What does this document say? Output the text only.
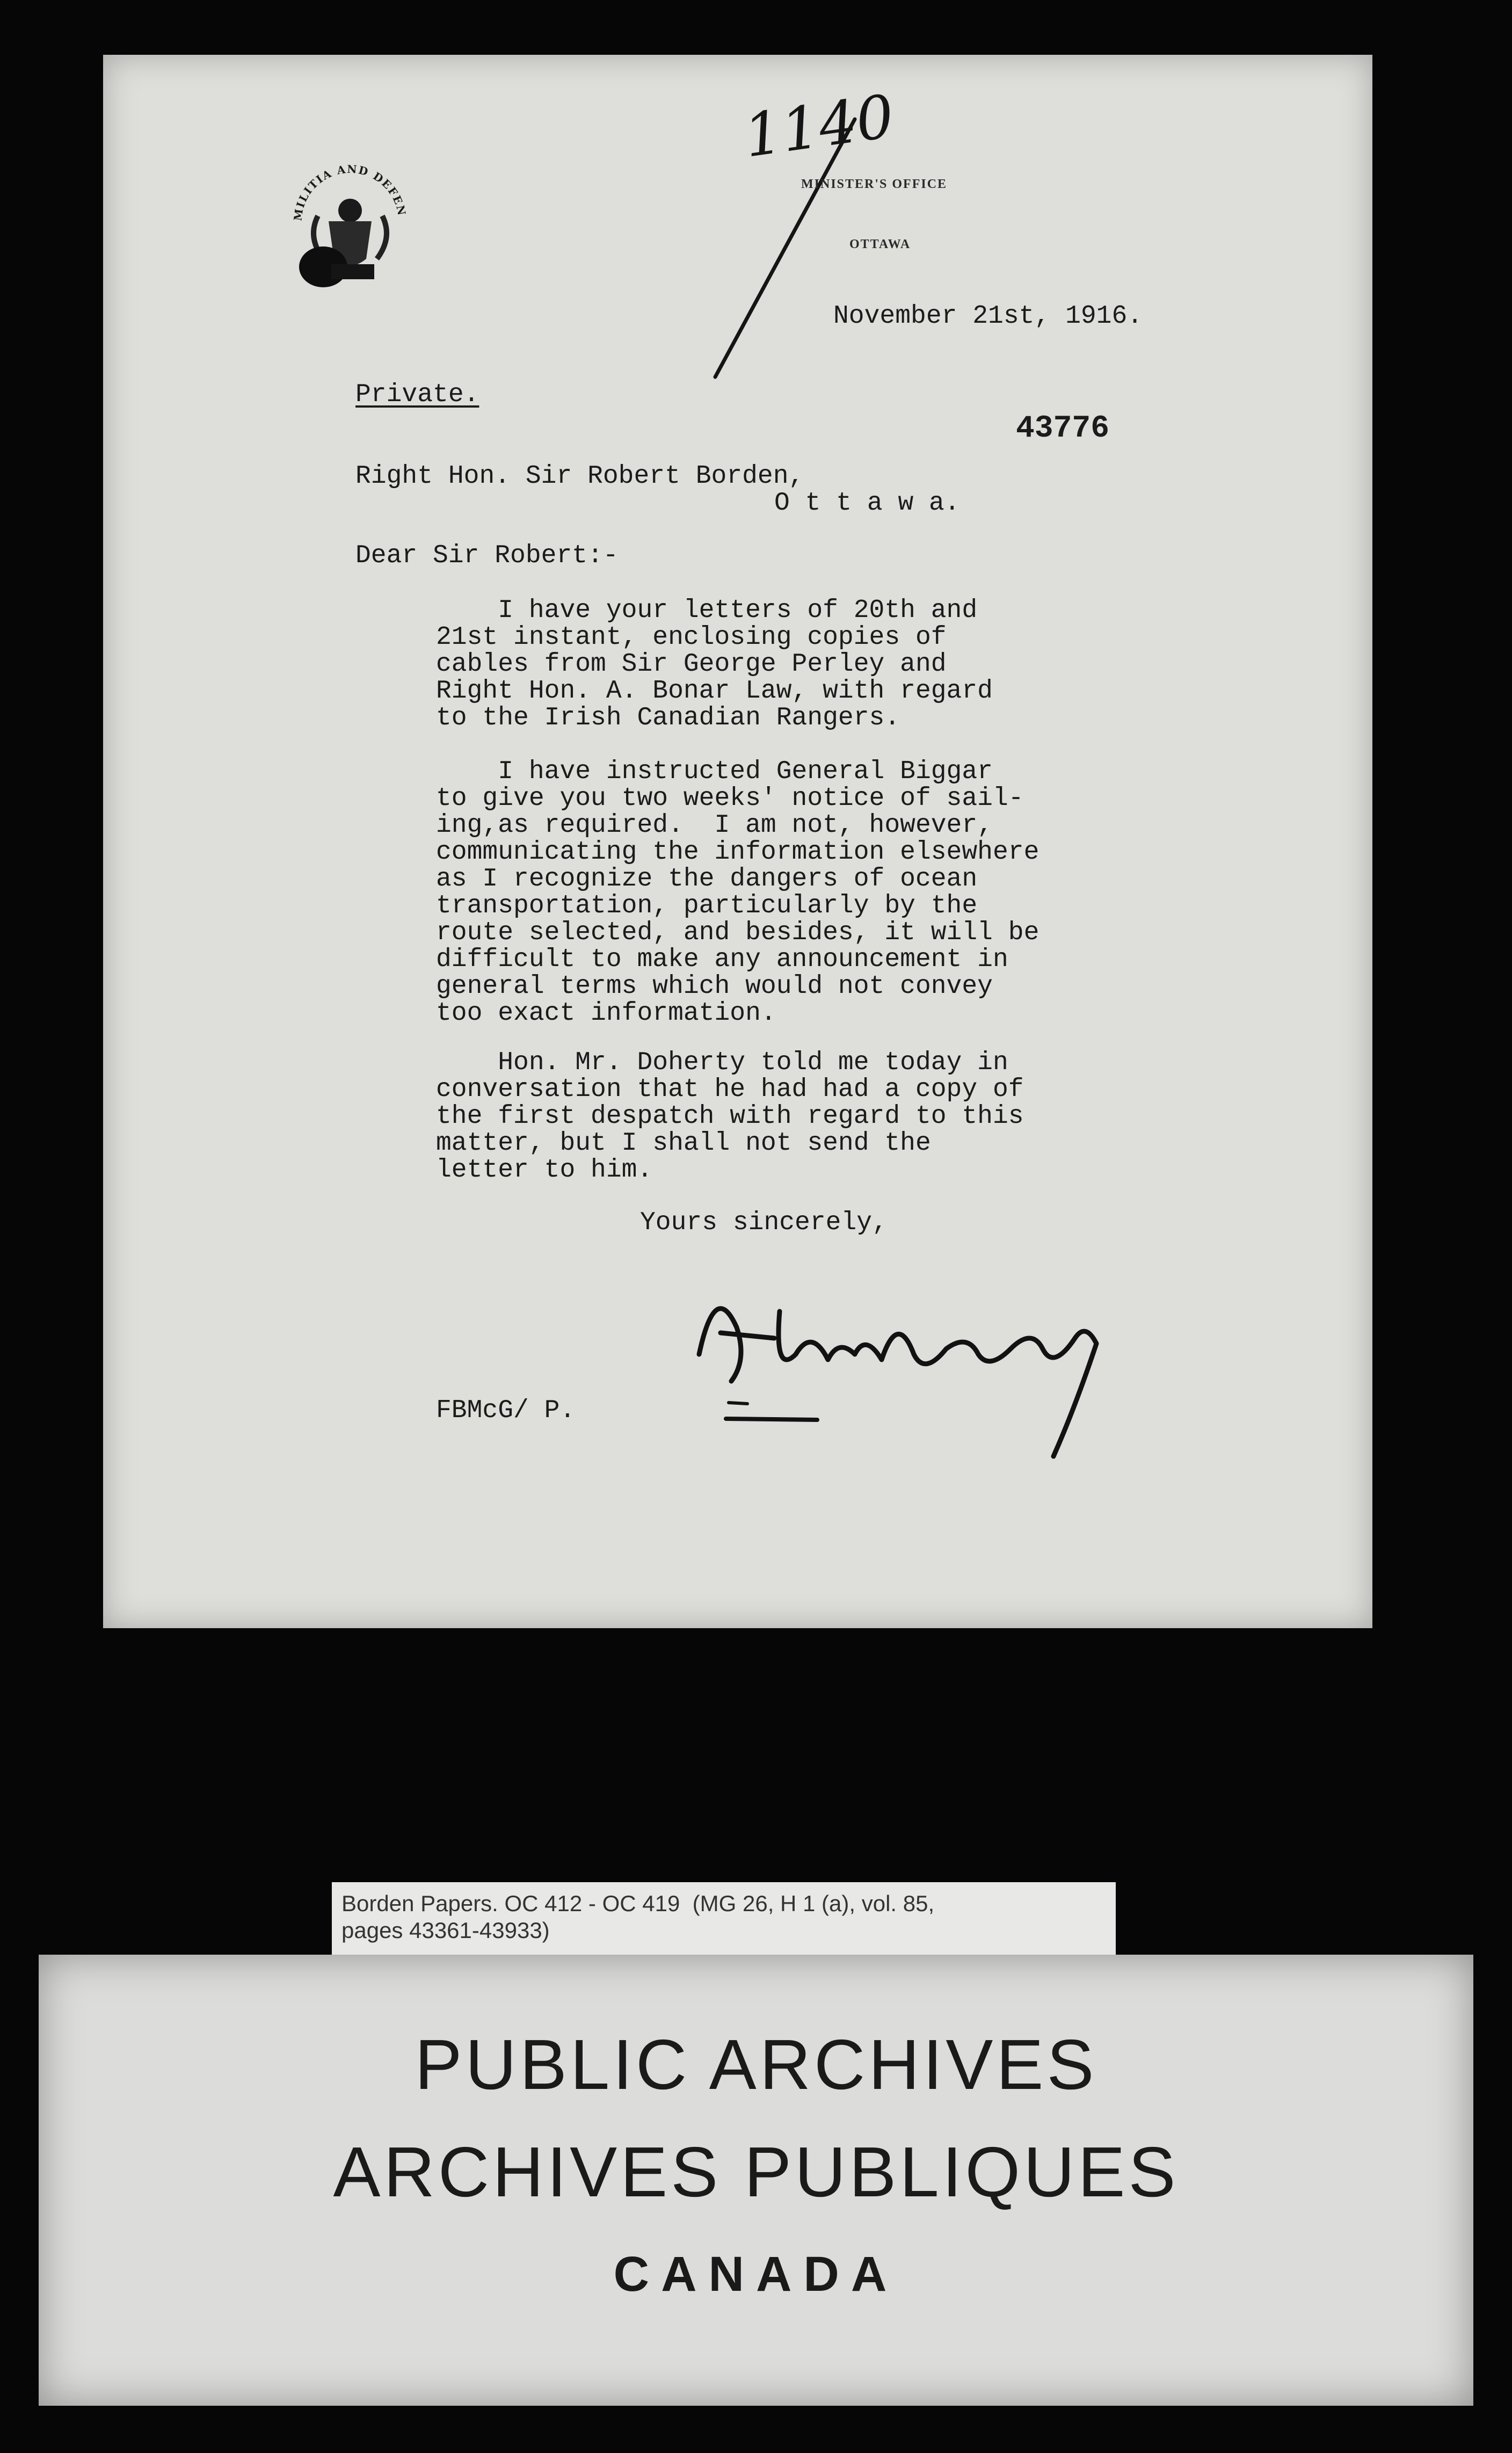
1140
MILITIA AND DEFEN
MINISTER'S OFFICE
OTTAWA
November 21st, 1916.
Private.
43776
Right Hon. Sir Robert Borden,
O t t a w a.
Dear Sir Robert:-
I have your letters of 20th and
21st instant, enclosing copies of
cables from Sir George Perley and
Right Hon. A. Bonar Law, with regard
to the Irish Canadian Rangers.
I have instructed General Biggar
to give you two weeks' notice of sail-
ing,as required.  I am not, however,
communicating the information elsewhere
as I recognize the dangers of ocean
transportation, particularly by the
route selected, and besides, it will be
difficult to make any announcement in
general terms which would not convey
too exact information.
Hon. Mr. Doherty told me today in
conversation that he had had a copy of
the first despatch with regard to this
matter, but I shall not send the
letter to him.
Yours sincerely,
FBMcG/ P.
Borden Papers. OC 412 - OC 419  (MG 26, H 1 (a), vol. 85,
pages 43361-43933)
PUBLIC ARCHIVES
ARCHIVES PUBLIQUES
CANADA
